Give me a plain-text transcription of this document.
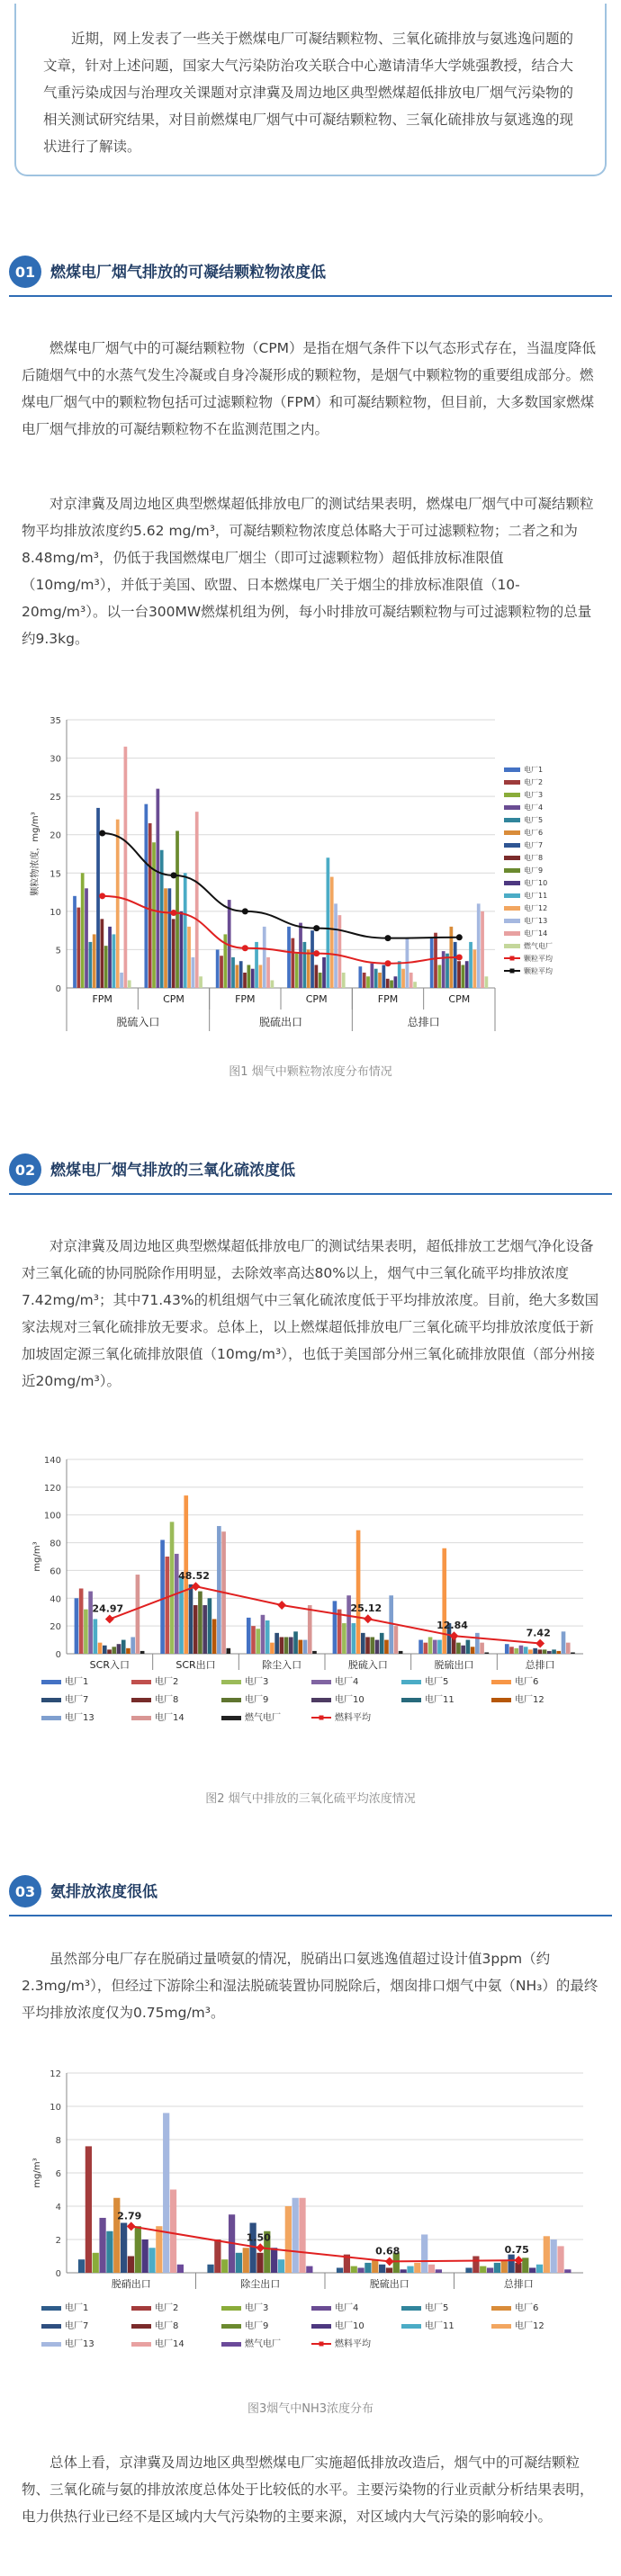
近期，网上发表了一些关于燃煤电厂可凝结颗粒物、三氧化硫排放与氨逃逸问题的文章，针对上述问题，国家大气污染防治攻关联合中心邀请清华大学姚强教授，结合大气重污染成因与治理攻关课题对京津冀及周边地区典型燃煤超低排放电厂烟气污染物的相关测试研究结果，对目前燃煤电厂烟气中可凝结颗粒物、三氧化硫排放与氨逃逸的现状进行了解读。

01 燃煤电厂烟气排放的可凝结颗粒物浓度低

燃煤电厂烟气中的可凝结颗粒物（CPM）是指在烟气条件下以气态形式存在，当温度降低后随烟气中的水蒸气发生冷凝或自身冷凝形成的颗粒物，是烟气中颗粒物的重要组成部分。燃煤电厂烟气中的颗粒物包括可过滤颗粒物（FPM）和可凝结颗粒物，但目前，大多数国家燃煤电厂烟气排放的可凝结颗粒物不在监测范围之内。

对京津冀及周边地区典型燃煤超低排放电厂的测试结果表明，燃煤电厂烟气中可凝结颗粒物平均排放浓度约5.62 mg/m³，可凝结颗粒物浓度总体略大于可过滤颗粒物；二者之和为8.48mg/m³，仍低于我国燃煤电厂烟尘（即可过滤颗粒物）超低排放标准限值（10mg/m³），并低于美国、欧盟、日本燃煤电厂关于烟尘的排放标准限值（10-20mg/m³）。以一台300MW燃煤机组为例，每小时排放可凝结颗粒物与可过滤颗粒物的总量约9.3kg。

0
5
10
15
20
25
30
35
颗粒物浓度，mg/m³
FPM	CPM	FPM	CPM	FPM	CPM
脱硫入口	脱硫出口	总排口
电厂1
电厂2
电厂3
电厂4
电厂5
电厂6
电厂7
电厂8
电厂9
电厂10
电厂11
电厂12
电厂13
电厂14
燃气电厂
颗粒平均
颗粒平均
图1 烟气中颗粒物浓度分布情况
02 燃煤电厂烟气排放的三氧化硫浓度低

对京津冀及周边地区典型燃煤超低排放电厂的测试结果表明，超低排放工艺烟气净化设备对三氧化硫的协同脱除作用明显，去除效率高达80%以上，烟气中三氧化硫平均排放浓度7.42mg/m³；其中71.43%的机组烟气中三氧化硫浓度低于平均排放浓度。目前，绝大多数国家法规对三氧化硫排放无要求。总体上，以上燃煤超低排放电厂三氧化硫平均排放浓度低于新加坡固定源三氧化硫排放限值（10mg/m³），也低于美国部分州三氧化硫排放限值（部分州接近20mg/m³）。

0
20
40
60
80
100
120
140
mg/m³
SCR入口	SCR出口	除尘入口	脱硫入口	脱硫出口	总排口
24.97
48.52
25.12
12.84
7.42
电厂1	电厂2	电厂3	电厂4	电厂5	电厂6
电厂7	电厂8	电厂9	电厂10	电厂11	电厂12
电厂13	电厂14	燃气电厂	燃料平均
图2 烟气中排放的三氧化硫平均浓度情况
03 氨排放浓度很低

虽然部分电厂存在脱硝过量喷氨的情况，脱硝出口氨逃逸值超过设计值3ppm（约2.3mg/m³），但经过下游除尘和湿法脱硫装置协同脱除后，烟囱排口烟气中氨（NH₃）的最终平均排放浓度仅为0.75mg/m³。

0
2
4
6
8
10
12
mg/m³
脱硝出口	除尘出口	脱硫出口	总排口
2.79
1.50
0.68	0.75
电厂1	电厂2	电厂3	电厂4	电厂5	电厂6
电厂7	电厂8	电厂9	电厂10	电厂11	电厂12
电厂13	电厂14	燃气电厂	燃料平均
图3烟气中NH3浓度分布

总体上看，京津冀及周边地区典型燃煤电厂实施超低排放改造后，烟气中的可凝结颗粒物、三氧化硫与氨的排放浓度总体处于比较低的水平。主要污染物的行业贡献分析结果表明，电力供热行业已经不是区域内大气污染物的主要来源，对区域内大气污染的影响较小。
